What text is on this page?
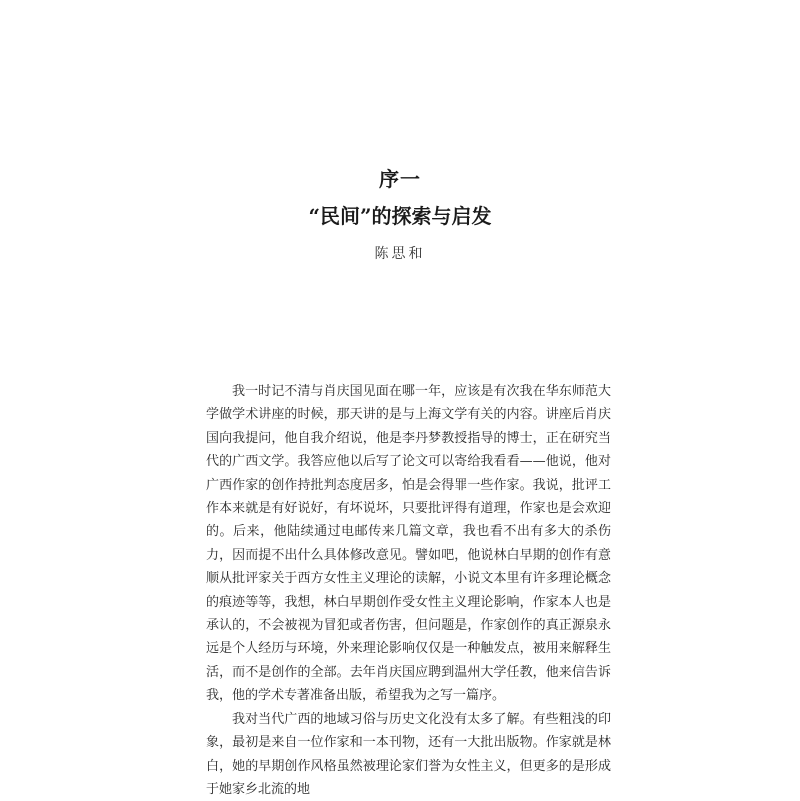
序一
“民间”的探索与启发
陈思和

我一时记不清与肖庆国见面在哪一年，应该是有次我在华东师范大学做学术讲座的时候，那天讲的是与上海文学有关的内容。讲座后肖庆国向我提问，他自我介绍说，他是李丹梦教授指导的博士，正在研究当代的广西文学。我答应他以后写了论文可以寄给我看看——他说，他对广西作家的创作持批判态度居多，怕是会得罪一些作家。我说，批评工作本来就是有好说好，有坏说坏，只要批评得有道理，作家也是会欢迎的。后来，他陆续通过电邮传来几篇文章，我也看不出有多大的杀伤力，因而提不出什么具体修改意见。譬如吧，他说林白早期的创作有意顺从批评家关于西方女性主义理论的读解，小说文本里有许多理论概念的痕迹等等，我想，林白早期创作受女性主义理论影响，作家本人也是承认的，不会被视为冒犯或者伤害，但问题是，作家创作的真正源泉永远是个人经历与环境，外来理论影响仅仅是一种触发点，被用来解释生活，而不是创作的全部。去年肖庆国应聘到温州大学任教，他来信告诉我，他的学术专著准备出版，希望我为之写一篇序。

我对当代广西的地域习俗与历史文化没有太多了解。有些粗浅的印象，最初是来自一位作家和一本刊物，还有一大批出版物。作家就是林白，她的早期创作风格虽然被理论家们誉为女性主义，但更多的是形成于她家乡北流的地
